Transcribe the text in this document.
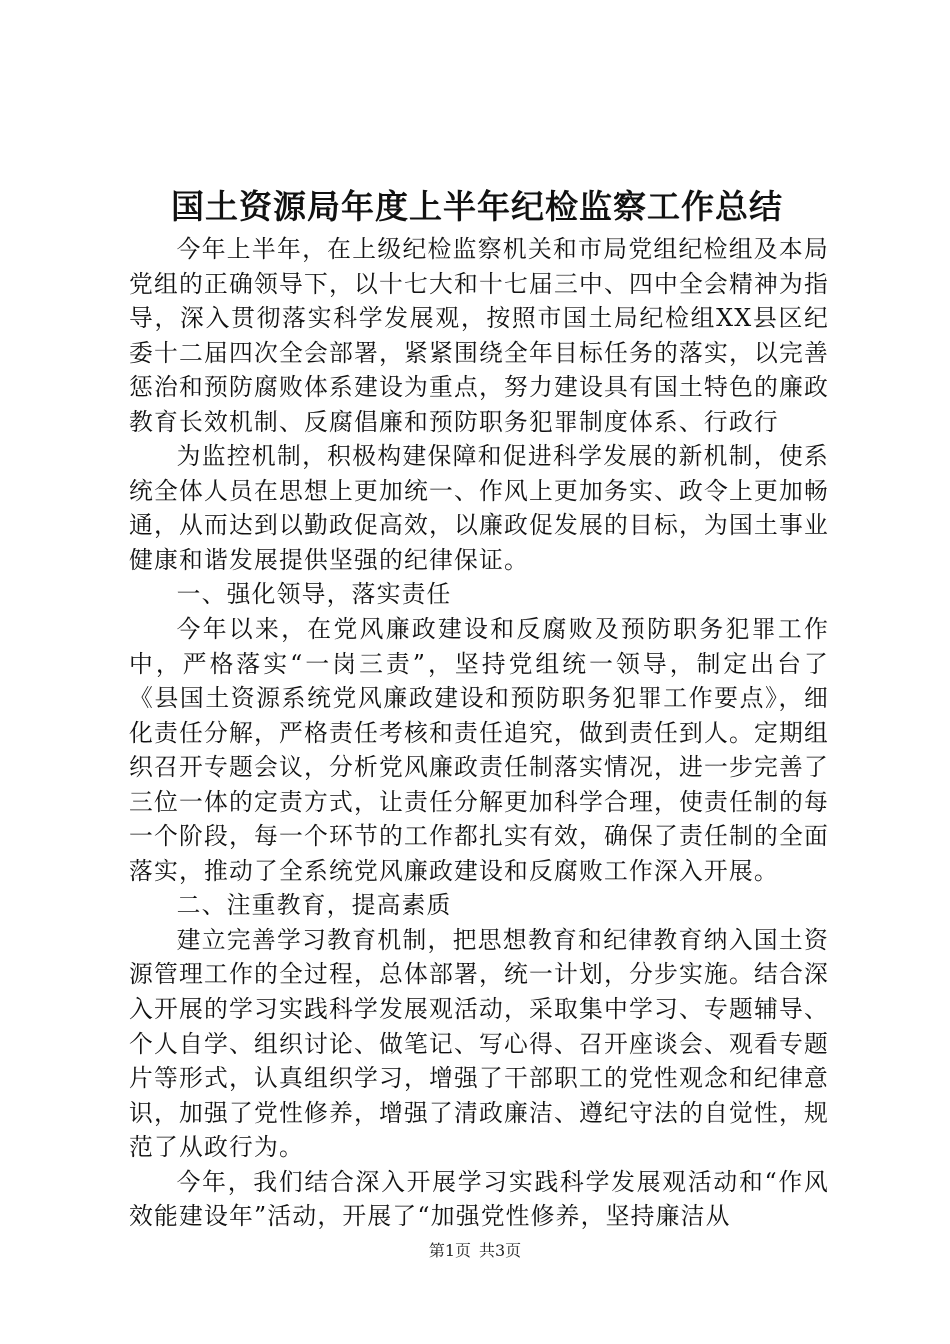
国土资源局年度上半年纪检监察工作总结

今年上半年，在上级纪检监察机关和市局党组纪检组及本局党组的正确领导下，以十七大和十七届三中、四中全会精神为指导，深入贯彻落实科学发展观，按照市国土局纪检组XX县区纪委十二届四次全会部署，紧紧围绕全年目标任务的落实，以完善惩治和预防腐败体系建设为重点，努力建设具有国土特色的廉政教育长效机制、反腐倡廉和预防职务犯罪制度体系、行政行

为监控机制，积极构建保障和促进科学发展的新机制，使系统全体人员在思想上更加统一、作风上更加务实、政令上更加畅通，从而达到以勤政促高效，以廉政促发展的目标，为国土事业健康和谐发展提供坚强的纪律保证。

一、强化领导，落实责任

今年以来，在党风廉政建设和反腐败及预防职务犯罪工作中，严格落实“一岗三责”，坚持党组统一领导，制定出台了《县国土资源系统党风廉政建设和预防职务犯罪工作要点》，细化责任分解，严格责任考核和责任追究，做到责任到人。定期组织召开专题会议，分析党风廉政责任制落实情况，进一步完善了三位一体的定责方式，让责任分解更加科学合理，使责任制的每一个阶段，每一个环节的工作都扎实有效，确保了责任制的全面落实，推动了全系统党风廉政建设和反腐败工作深入开展。

二、注重教育，提高素质

建立完善学习教育机制，把思想教育和纪律教育纳入国土资源管理工作的全过程，总体部署，统一计划，分步实施。结合深入开展的学习实践科学发展观活动，采取集中学习、专题辅导、个人自学、组织讨论、做笔记、写心得、召开座谈会、观看专题片等形式，认真组织学习，增强了干部职工的党性观念和纪律意识，加强了党性修养，增强了清政廉洁、遵纪守法的自觉性，规范了从政行为。

今年，我们结合深入开展学习实践科学发展观活动和“作风效能建设年”活动，开展了“加强党性修养，坚持廉洁从

第1页 共3页
